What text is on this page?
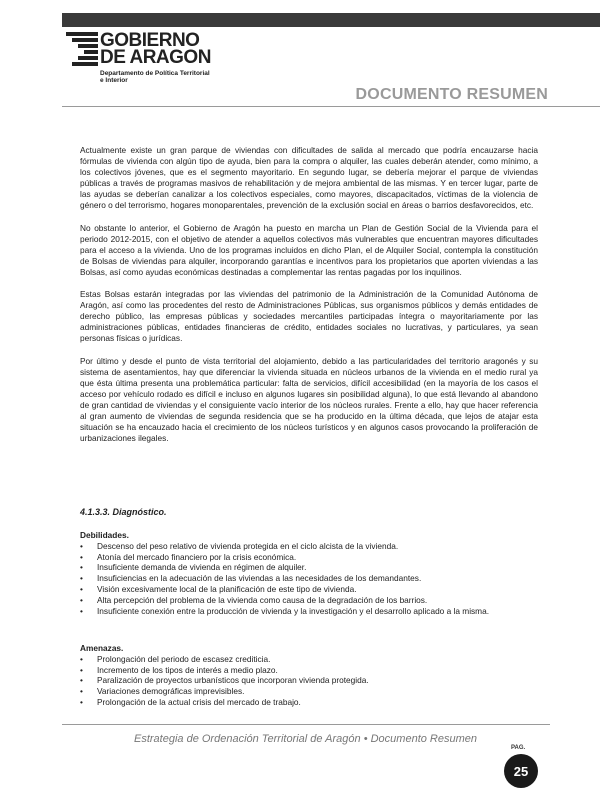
GOBIERNO
DE ARAGON
Departamento de Política Territorial
e Interior
DOCUMENTO RESUMEN

Actualmente existe un gran parque de viviendas con dificultades de salida al mercado que podría encauzarse hacia fórmulas de vivienda con algún tipo de ayuda, bien para la compra o alquiler, las cuales deberán atender, como mínimo, a los colectivos jóvenes, que es el segmento mayoritario. En segundo lugar, se debería mejorar el parque de viviendas públicas a través de programas masivos de rehabilitación y de mejora ambiental de las mismas. Y en tercer lugar, parte de las ayudas se deberían canalizar a los colectivos especiales, como mayores, discapacitados, víctimas de la violencia de género o del terrorismo, hogares monoparentales, prevención de la exclusión social en áreas o barrios desfavorecidos, etc.

No obstante lo anterior, el Gobierno de Aragón ha puesto en marcha un Plan de Gestión Social de la Vivienda para el periodo 2012-2015, con el objetivo de atender a aquellos colectivos más vulnerables que encuentran mayores dificultades para el acceso a la vivienda. Uno de los programas incluidos en dicho Plan, el de Alquiler Social, contempla la constitución de Bolsas de viviendas para alquiler, incorporando garantías e incentivos para los propietarios que aporten viviendas a las Bolsas, así como ayudas económicas destinadas a complementar las rentas pagadas por los inquilinos.

Estas Bolsas estarán integradas por las viviendas del patrimonio de la Administración de la Comunidad Autónoma de Aragón, así como las procedentes del resto de Administraciones Públicas, sus organismos públicos y demás entidades de derecho público, las empresas públicas y sociedades mercantiles participadas íntegra o mayoritariamente por las administraciones públicas, entidades financieras de crédito, entidades sociales no lucrativas, y particulares, ya sean personas físicas o jurídicas.

Por último y desde el punto de vista territorial del alojamiento, debido a las particularidades del territorio aragonés y su sistema de asentamientos, hay que diferenciar la vivienda situada en núcleos urbanos de la vivienda en el medio rural ya que ésta última presenta una problemática particular: falta de servicios, difícil accesibilidad (en la mayoría de los casos el acceso por vehículo rodado es difícil e incluso en algunos lugares sin posibilidad alguna), lo que está llevando al abandono de gran cantidad de viviendas y el consiguiente vacío interior de los núcleos rurales. Frente a ello, hay que hacer referencia al gran aumento de viviendas de segunda residencia que se ha producido en la última década, que lejos de atajar esta situación se ha encauzado hacia el crecimiento de los núcleos turísticos y en algunos casos provocando la proliferación de urbanizaciones ilegales.

4.1.3.3. Diagnóstico.
Debilidades.
• Descenso del peso relativo de vivienda protegida en el ciclo alcista de la vivienda.
• Atonía del mercado financiero por la crisis económica.
• Insuficiente demanda de vivienda en régimen de alquiler.
• Insuficiencias en la adecuación de las viviendas a las necesidades de los demandantes.
• Visión excesivamente local de la planificación de este tipo de vivienda.
• Alta percepción del problema de la vivienda como causa de la degradación de los barrios.
• Insuficiente conexión entre la producción de vivienda y la investigación y el desarrollo aplicado a la misma.
Amenazas.
• Prolongación del periodo de escasez crediticia.
• Incremento de los tipos de interés a medio plazo.
• Paralización de proyectos urbanísticos que incorporan vivienda protegida.
• Variaciones demográficas imprevisibles.
• Prolongación de la actual crisis del mercado de trabajo.
Estrategia de Ordenación Territorial de Aragón • Documento Resumen
PAG.
25
